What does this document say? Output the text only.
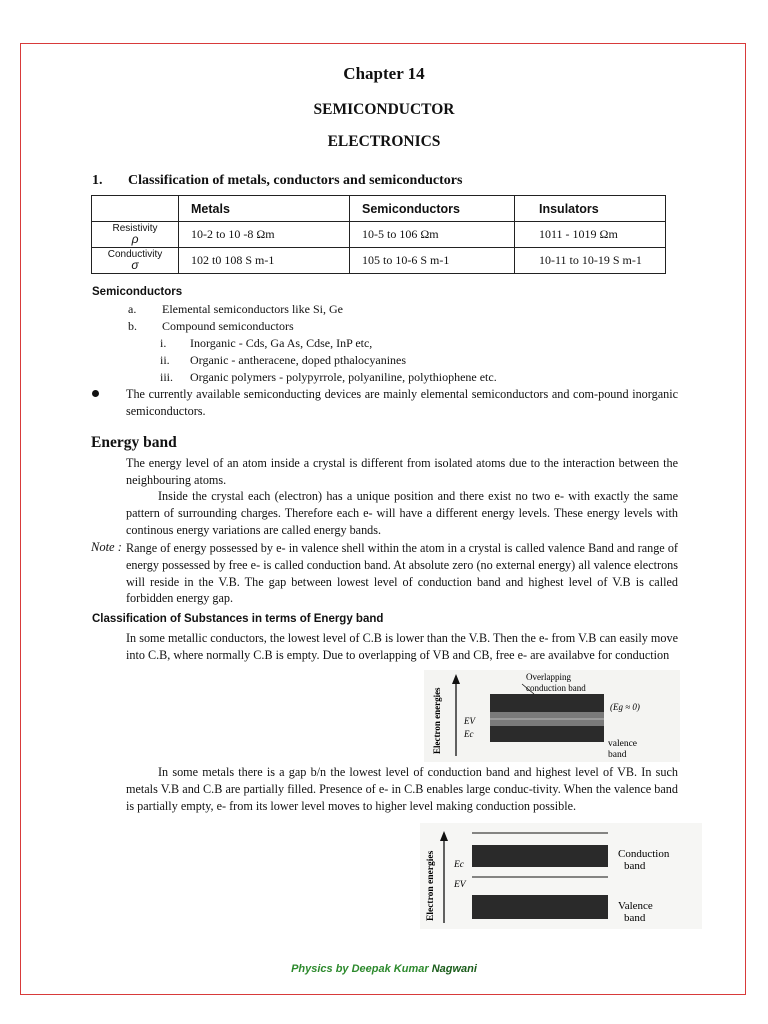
Chapter 14
SEMICONDUCTOR
ELECTRONICS
1. Classification of metals, conductors and semiconductors
	Metals	Semiconductors	Insulators

Resistivity
ρ	10-2 to 10 -8 Ωm	10-5 to 106 Ωm	1011 - 1019 Ωm

Conductivity
σ	102 t0 108 S m-1	105 to 10-6 S m-1	10-11 to 10-19 S m-1
Semiconductors
a. Elemental semiconductors like Si, Ge
b. Compound semiconductors
i. Inorganic - Cds, Ga As, Cdse, InP etc,
ii. Organic - antheracene, doped pthalocyanines
iii. Organic polymers - polypyrrole, polyaniline, polythiophene etc.
The currently available semiconducting devices are mainly elemental semiconductors and com-pound inorganic semiconductors.
Energy band
The energy level of an atom inside a crystal is different from isolated atoms due to the interaction between the neighbouring atoms.
Inside the crystal each (electron) has a unique position and there exist no two e- with exactly the same pattern of surrounding charges. Therefore each e- will have a different energy levels. These energy levels with continous energy variations are called energy bands.
Note : Range of energy possessed by e- in valence shell within the atom in a crystal is called valence Band and range of energy possessed by free e- is called conduction band. At absolute zero (no external energy) all valence electrons will reside in the V.B. The gap between lowest level of conduction band and highest level of V.B is called forbidden energy gap.
Classification of Substances in terms of Energy band
In some metallic conductors, the lowest level of C.B is lower than the V.B. Then the e- from V.B can easily move into C.B, where normally C.B is empty. Due to overlapping of VB and CB, free e- are availabve for conduction
Electron energies
Overlapping
conduction band
(Eg ≈ 0)
EV
Ec
valence
band
In some metals there is a gap b/n the lowest level of conduction band and highest level of VB. In such metals V.B and C.B are partially filled. Presence of e- in C.B enables large conduc-tivity. When the valence band is partially empty, e- from its lower level moves to higher level making conduction possible.
Electron energies Ec
EV
Conduction
band
Valence
band
Physics by Deepak Kumar Nagwani
